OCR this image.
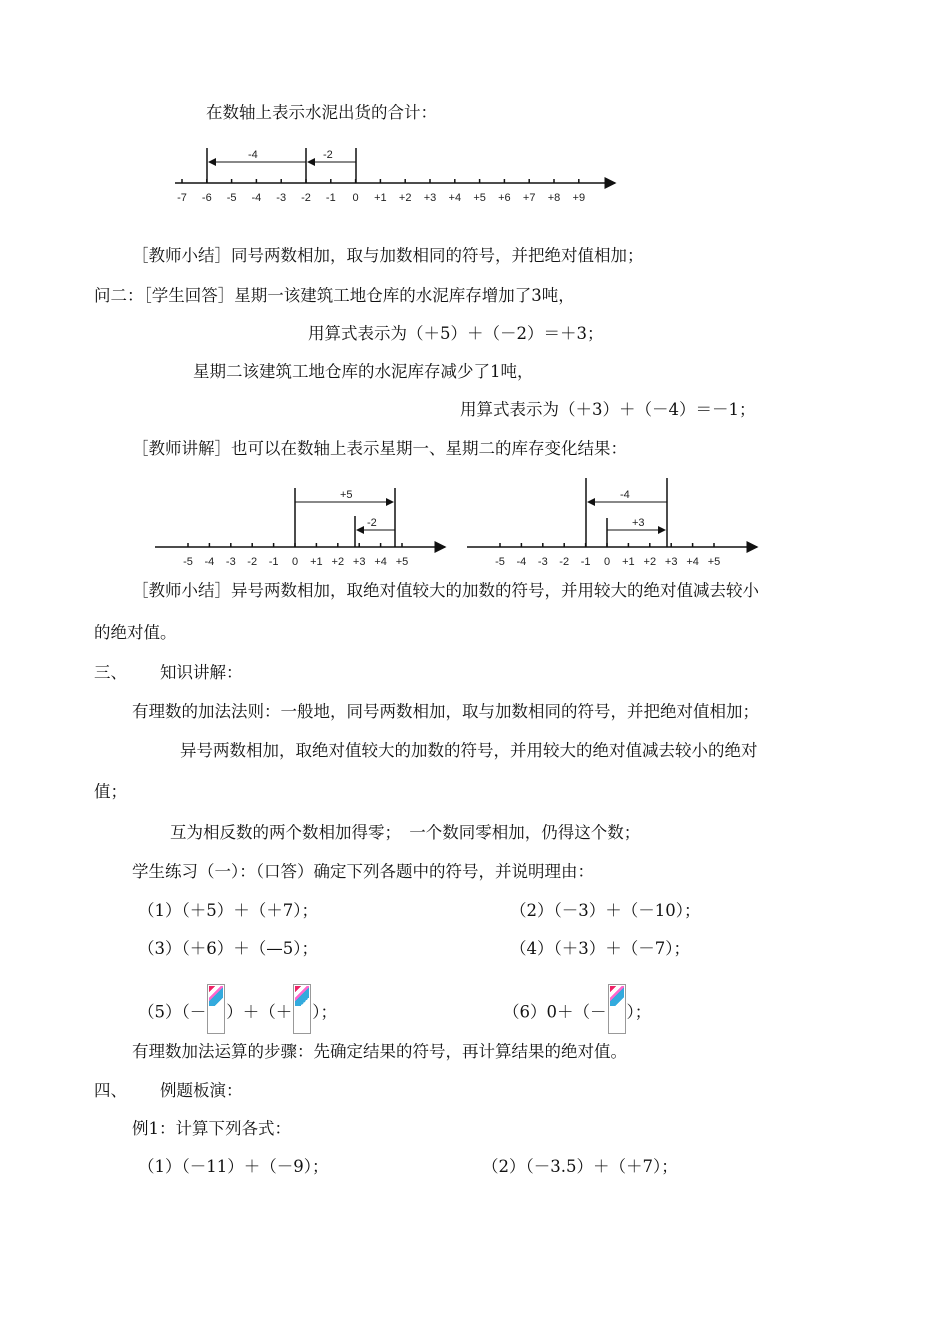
在数轴上表示水泥出货的合计：
-7 -6 -5 -4 -3 -2 -1 0 +1 +2 +3 +4 +5 +6 +7 +8 +9
-4	-2
［教师小结］同号两数相加，取与加数相同的符号，并把绝对值相加；
问二：［学生回答］星期一该建筑工地仓库的水泥库存增加了3吨，
用算式表示为（＋5）＋（－2）＝＋3；
星期二该建筑工地仓库的水泥库存减少了1吨，
用算式表示为（＋3）＋（－4）＝－1；
［教师讲解］也可以在数轴上表示星期一、星期二的库存变化结果：
-5 -4 -3 -2 -1 0 +1 +2 +3 +4 +5
+5
-2
-5 -4 -3 -2 -1 0 +1 +2 +3 +4 +5
-4
+3
［教师小结］异号两数相加，取绝对值较大的加数的符号，并用较大的绝对值减去较小
的绝对值。
三、 知识讲解：
有理数的加法法则：一般地，同号两数相加，取与加数相同的符号，并把绝对值相加；
异号两数相加，取绝对值较大的加数的符号，并用较大的绝对值减去较小的绝对
值；
互为相反数的两个数相加得零；　一个数同零相加，仍得这个数；
学生练习（一）：（口答）确定下列各题中的符号，并说明理由：
（1）（＋5）＋（＋7）；	（2）（－3）＋（－10）；
（3）（＋6）＋（—5）；	（4）（＋3）＋（－7）；
（5）（－ ）＋（＋ ）；	（6）0＋（－ ）；
有理数加法运算的步骤：先确定结果的符号，再计算结果的绝对值。
四、 例题板演：
例1：计算下列各式：
（1）（－11）＋（－9）；	（2）（－3.5）＋（＋7）；
